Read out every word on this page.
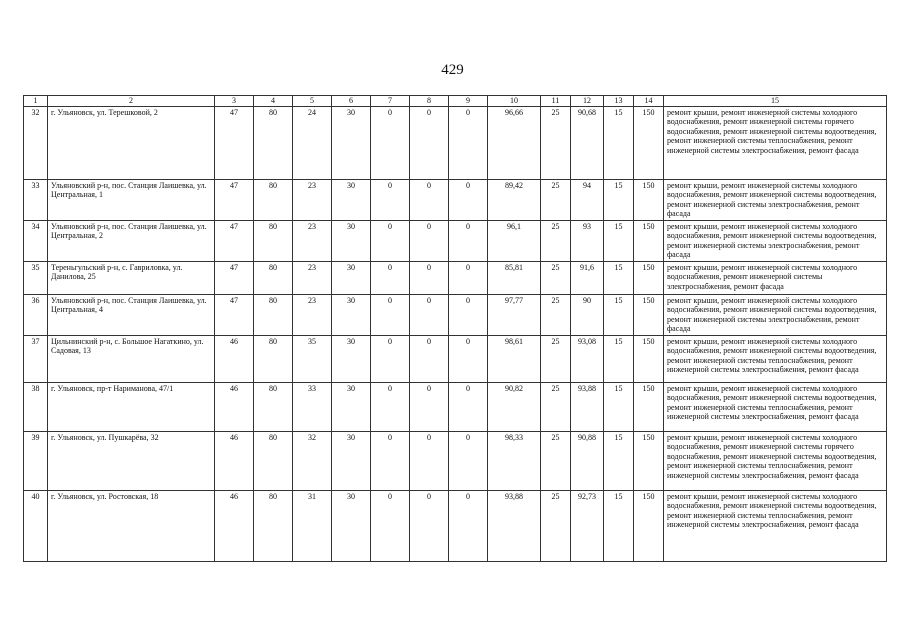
429
1	2	3	4	5	6	7	8	9	10	11	12	13	14	15
32	г. Ульяновск, ул. Терешковой, 2	47	80	24	30	0	0	0	96,66	25	90,68	15	150	ремонт крыши, ремонт инженерной системы холодного водоснабжения, ремонт инженерной системы горячего водоснабжения, ремонт инженерной системы водоотведения, ремонт инженерной системы теплоснабжения, ремонт инженерной системы электроснабжения, ремонт фасада
33	Ульяновский р-н, пос. Станция Лаишевка, ул. Центральная, 1	47	80	23	30	0	0	0	89,42	25	94	15	150	ремонт крыши, ремонт инженерной системы холодного водоснабжения, ремонт инженерной системы водоотведения, ремонт инженерной системы электроснабжения, ремонт фасада
34	Ульяновский р-н, пос. Станция Лаишевка, ул. Центральная, 2	47	80	23	30	0	0	0	96,1	25	93	15	150	ремонт крыши, ремонт инженерной системы холодного водоснабжения, ремонт инженерной системы водоотведения, ремонт инженерной системы электроснабжения, ремонт фасада
35	Тереньгульский р-н, с. Гавриловка, ул. Данилова, 25	47	80	23	30	0	0	0	85,81	25	91,6	15	150	ремонт крыши, ремонт инженерной системы холодного водоснабжения, ремонт инженерной системы электроснабжения, ремонт фасада
36	Ульяновский р-н, пос. Станция Лаишевка, ул. Центральная, 4	47	80	23	30	0	0	0	97,77	25	90	15	150	ремонт крыши, ремонт инженерной системы холодного водоснабжения, ремонт инженерной системы водоотведения, ремонт инженерной системы электроснабжения, ремонт фасада
37	Цильнинский р-н, с. Большое Нагаткино, ул. Садовая, 13	46	80	35	30	0	0	0	98,61	25	93,08	15	150	ремонт крыши, ремонт инженерной системы холодного водоснабжения, ремонт инженерной системы водоотведения, ремонт инженерной системы теплоснабжения, ремонт инженерной системы электроснабжения, ремонт фасада
38	г. Ульяновск, пр-т Нариманова, 47/1	46	80	33	30	0	0	0	90,82	25	93,88	15	150	ремонт крыши, ремонт инженерной системы холодного водоснабжения, ремонт инженерной системы водоотведения, ремонт инженерной системы теплоснабжения, ремонт инженерной системы электроснабжения, ремонт фасада
39	г. Ульяновск, ул. Пушкарёва, 32	46	80	32	30	0	0	0	98,33	25	90,88	15	150	ремонт крыши, ремонт инженерной системы холодного водоснабжения, ремонт инженерной системы горячего водоснабжения, ремонт инженерной системы водоотведения, ремонт инженерной системы теплоснабжения, ремонт инженерной системы электроснабжения, ремонт фасада
40	г. Ульяновск, ул. Ростовская, 18	46	80	31	30	0	0	0	93,88	25	92,73	15	150	ремонт крыши, ремонт инженерной системы холодного водоснабжения, ремонт инженерной системы водоотведения, ремонт инженерной системы теплоснабжения, ремонт инженерной системы электроснабжения, ремонт фасада
